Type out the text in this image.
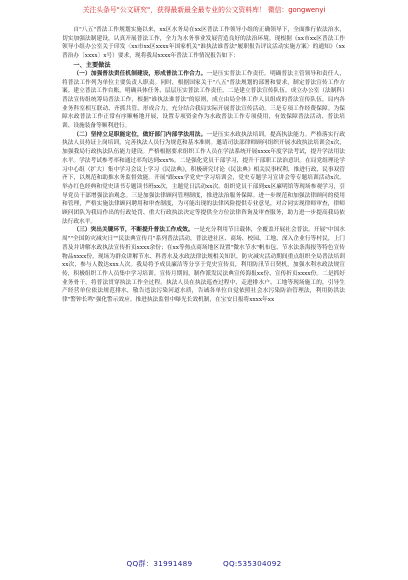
关注头条号"公文研究"，获得最新最全最专业的公文资料库！ 微信：gongwenyi

自"八五"普法工作规划实施以来，xx区水务局在xx区普法工作领导小组的正确领导下，全面推行依法治水，切实加强法制建设，认真开展普法工作，全力为水务事业发展营造良好的法治环境。现根据《xx市xx区普法工作领导小组办公室关于印发〈xx市xx区xxxx年国家机关"谁执法谁普法"履职报告评议活动实施方案〉的通知》（xx普治办〔xxxx〕x号）要求，现将我局xxxx年普法工作情况报告如下：

一、主要做法

（一）加强普法责任机制建设，形成普法工作合力。一是压实普法工作责任。明确普法主管领导和责任人，将普法工作列为单位主要负责人职责。同时，根据国家关于"八五"普法规划的部署和要求，制定普法宣传工作方案。建立普法工作台账，明确具体任务、层层压实普法工作责任。二是建立普法宣传队伍。成立办公室（法制科）普法宣传组统筹局普法工作，根据"谁执法谁普法"的原则，成立由局全体工作人员组成的普法宣传队伍，局内各业务科室相互联动、齐抓共管、形成合力，充分结合我局实际开展普法宣传活动。三是专项工作经费保障。为保障水政普法工作正常有序顺畅地开展，设置专项资金作为水政普法工作专项使用，有效保障普法活动、普法培训、设施装备等顺利进行。

（二）坚持立足职能定位，做好部门内部学法用法。一是压实水政执法培训，提高执法能力。严格落实行政执法人员持证上岗培训，完善执法人员行为规范和基本准则。邀请司法部律师顾问组织开展水政执法培训会x次，加强我局行政执法队伍能力建设。严格根据要求组织工作人员在学法系统开展xxxx年度学法考试，提升学法用法水平。学法考试参考率和通过率均达到xxx%。二是强化党员干部学习，提升干部职工法治意识。在局党组理论学习中心组（扩大）集中学习会议上学习《民法典》，积极研究讨论《民法典》相关民事权利，推进行政、民事双管齐下，以规范和助推水务监督效能。开展"跟xxx学党史"学习培训会，党史专题学习宣讲会等专题培训活动x次。举办红色经典和党史读书专题读书班xx次，主题党日活动xx次。组织党员干部到xx区廉明馆等现场参观学习，引导党员干部增强法治观念。三是加强法律顾问管理制度，推进法治服务保障。进一步规范和加强法律顾问的使用和管理，严格实施法律顾问聘用和审查制度，为可能出现的法律风险提供专业意见，对合同实现律师审查，律师顾问团队为我局作出的行政处罚、重大行政执法决定等提供全方位法律咨询及审查服务，助力进一步提高我局依法行政水平。

（三）突出关键环节，不断提升普法工作成效。一是充分利用节日载体，全覆盖开展社会普法。开展"中国水周""全国防灾减灾日""民法典宣传月"系列普法活动，普法进社区、商场、校园、工地、深入企业行等村民，上门普及并讲解水政执法宣传折页xxxx余份；在xx等热点商场地区设置"微水节水"帆布包、节水法条海报等特色宣传物品xxxx份，现场为群众讲解节水、科普水及水政法律法规相关知识。防灾减灾活动期间重点组织全局普法培训xx次，参与人数达xxx人次。我局将予成员廉洁等分享于党史宣传页，利用防汛节日契机，加强水利水政法规宣传，积极组织工作人员集中学习培训。宣传月期间，制作派发民法典宣传海报xx份、宣传折页xxxx份。二是抓好业务骨干，将普法贯穿执法工作全过程。执法人员在执法巡查过程中，走进排水户、工地等现场施工的，引导生产经营单位依法规范排水，敬告违法污染河道水质，告诫各单位自觉依照社会水污染防治管理法，利用防洪法律"警钟长鸣"强化警示效应。推进执法监督中曝光长效机制，在宝安日报将xxxx年xx

QQ群：31991489	QQ:535304092
